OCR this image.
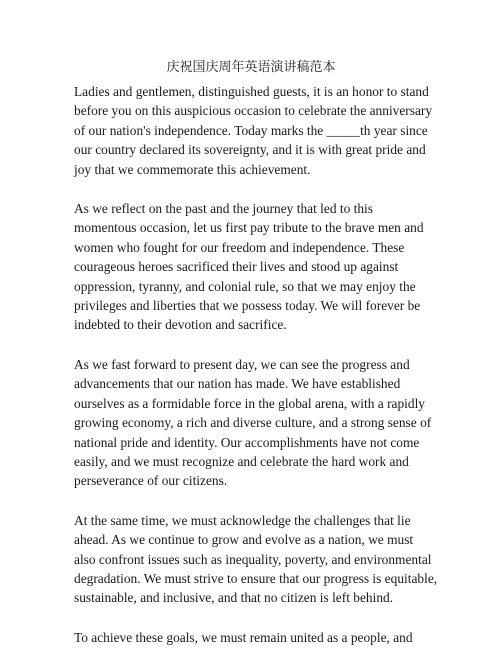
庆祝国庆周年英语演讲稿范本

Ladies and gentlemen, distinguished guests, it is an honor to stand
before you on this auspicious occasion to celebrate the anniversary
of our nation's independence. Today marks the _____th year since
our country declared its sovereignty, and it is with great pride and
joy that we commemorate this achievement.

As we reflect on the past and the journey that led to this
momentous occasion, let us first pay tribute to the brave men and
women who fought for our freedom and independence. These
courageous heroes sacrificed their lives and stood up against
oppression, tyranny, and colonial rule, so that we may enjoy the
privileges and liberties that we possess today. We will forever be
indebted to their devotion and sacrifice.

As we fast forward to present day, we can see the progress and
advancements that our nation has made. We have established
ourselves as a formidable force in the global arena, with a rapidly
growing economy, a rich and diverse culture, and a strong sense of
national pride and identity. Our accomplishments have not come
easily, and we must recognize and celebrate the hard work and
perseverance of our citizens.

At the same time, we must acknowledge the challenges that lie
ahead. As we continue to grow and evolve as a nation, we must
also confront issues such as inequality, poverty, and environmental
degradation. We must strive to ensure that our progress is equitable,
sustainable, and inclusive, and that no citizen is left behind.

To achieve these goals, we must remain united as a people, and
